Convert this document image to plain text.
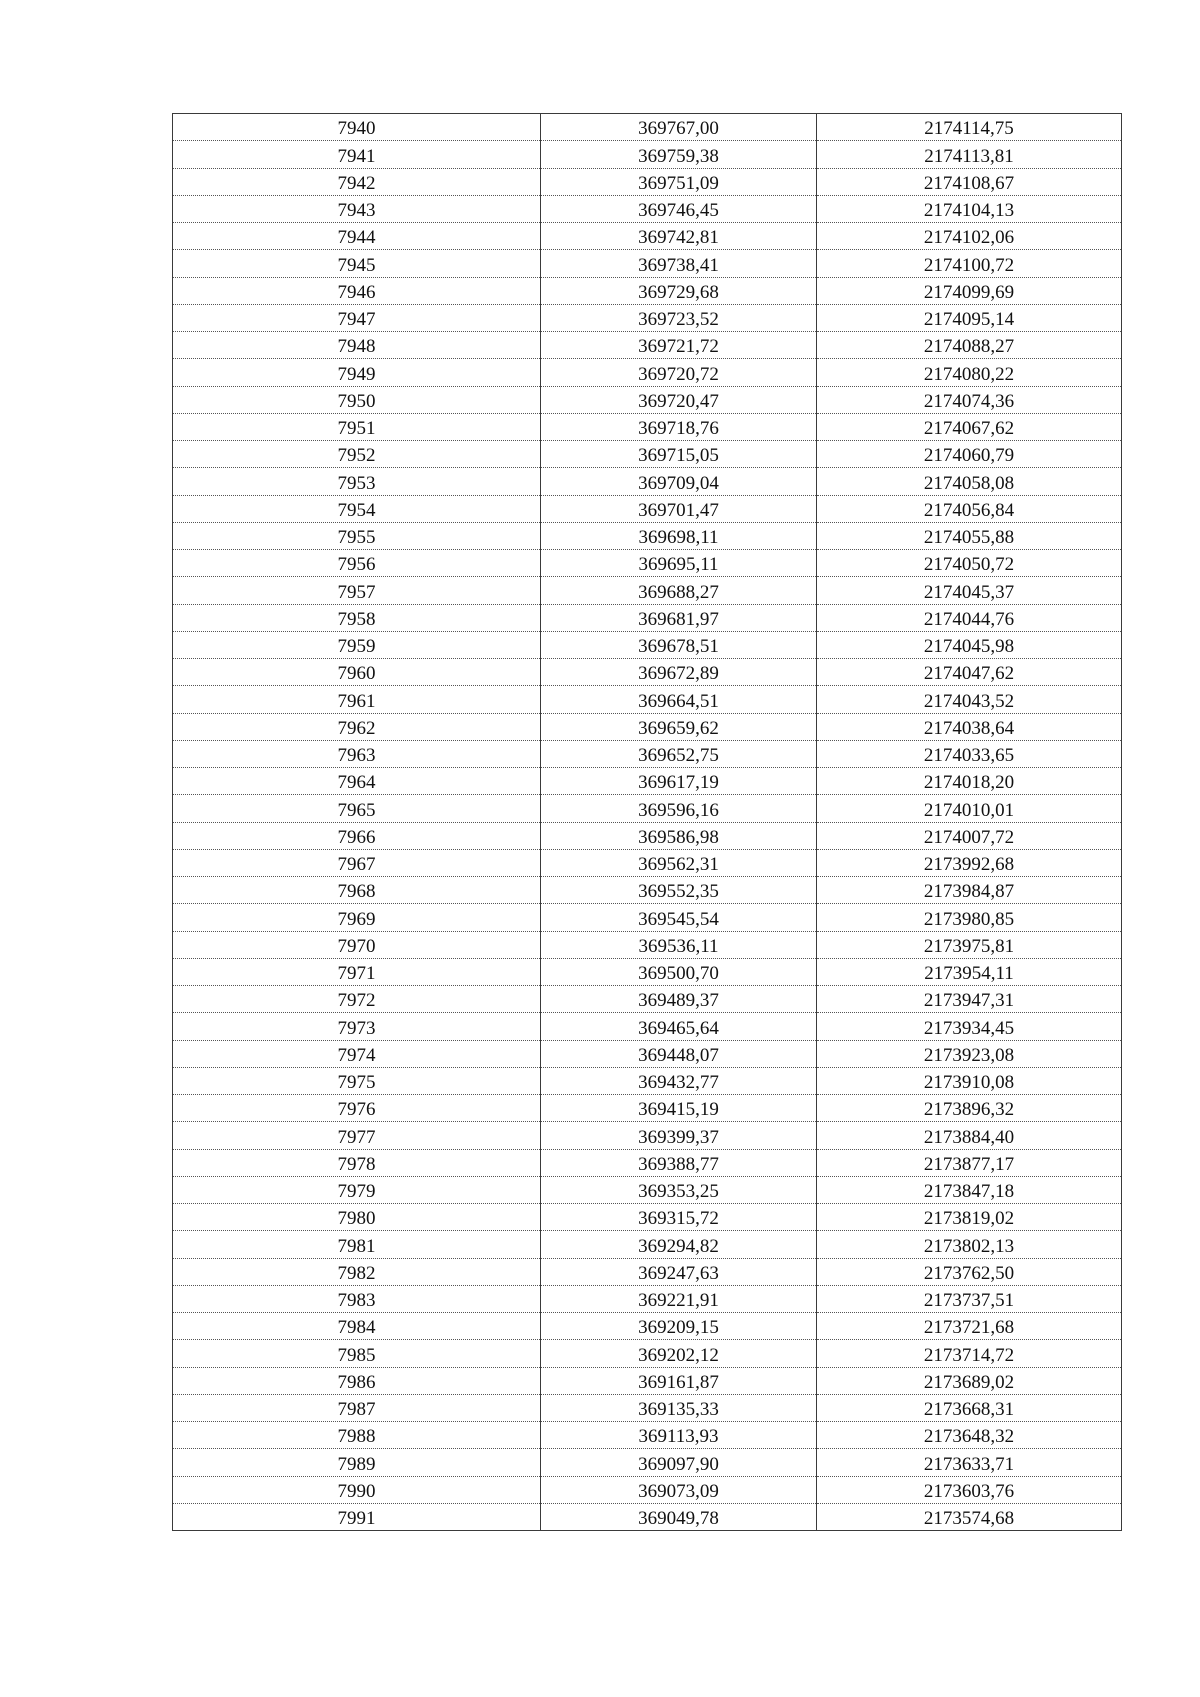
7940	369767,00	2174114,75
7941	369759,38	2174113,81
7942	369751,09	2174108,67
7943	369746,45	2174104,13
7944	369742,81	2174102,06
7945	369738,41	2174100,72
7946	369729,68	2174099,69
7947	369723,52	2174095,14
7948	369721,72	2174088,27
7949	369720,72	2174080,22
7950	369720,47	2174074,36
7951	369718,76	2174067,62
7952	369715,05	2174060,79
7953	369709,04	2174058,08
7954	369701,47	2174056,84
7955	369698,11	2174055,88
7956	369695,11	2174050,72
7957	369688,27	2174045,37
7958	369681,97	2174044,76
7959	369678,51	2174045,98
7960	369672,89	2174047,62
7961	369664,51	2174043,52
7962	369659,62	2174038,64
7963	369652,75	2174033,65
7964	369617,19	2174018,20
7965	369596,16	2174010,01
7966	369586,98	2174007,72
7967	369562,31	2173992,68
7968	369552,35	2173984,87
7969	369545,54	2173980,85
7970	369536,11	2173975,81
7971	369500,70	2173954,11
7972	369489,37	2173947,31
7973	369465,64	2173934,45
7974	369448,07	2173923,08
7975	369432,77	2173910,08
7976	369415,19	2173896,32
7977	369399,37	2173884,40
7978	369388,77	2173877,17
7979	369353,25	2173847,18
7980	369315,72	2173819,02
7981	369294,82	2173802,13
7982	369247,63	2173762,50
7983	369221,91	2173737,51
7984	369209,15	2173721,68
7985	369202,12	2173714,72
7986	369161,87	2173689,02
7987	369135,33	2173668,31
7988	369113,93	2173648,32
7989	369097,90	2173633,71
7990	369073,09	2173603,76
7991	369049,78	2173574,68
